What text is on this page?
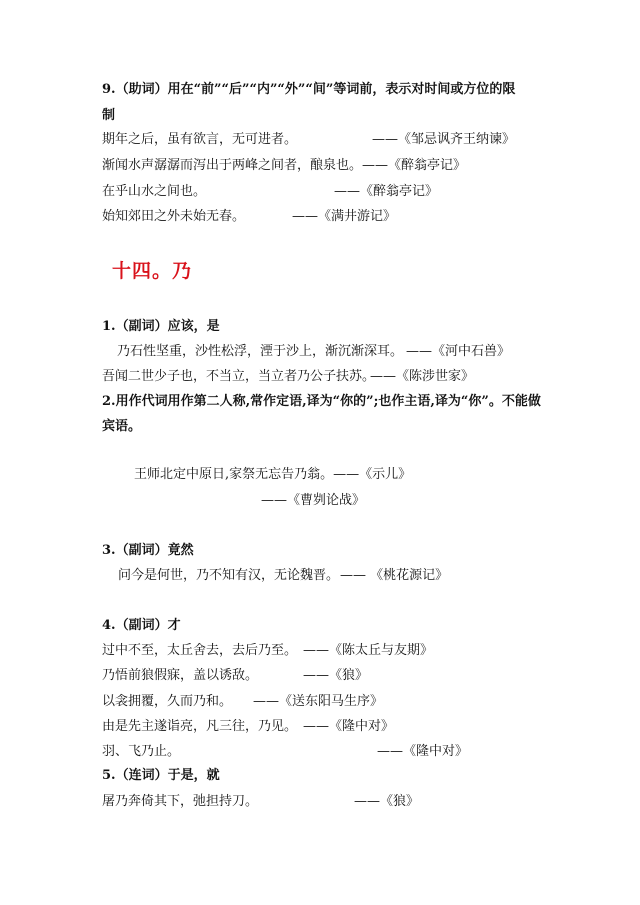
9.（助词）用在“前”“后”“内”“外”“间”等词前，表示对时间或方位的限
制
期年之后，虽有欲言，无可进者。	——《邹忌讽齐王纳谏》
渐闻水声潺潺而泻出于两峰之间者，酿泉也。 ——《醉翁亭记》
在乎山水之间也。	——《醉翁亭记》
始知郊田之外未始无春。	——《满井游记》
十四。乃
1.（副词）应该，是
乃石性坚重，沙性松浮，湮于沙上，渐沉渐深耳。 ——《河中石兽》
吾闻二世少子也，不当立，当立者乃公子扶苏。
——《陈涉世家》
2.用作代词用作第二人称,常作定语,译为“你的”;也作主语,译为“你”。不能做
宾语。
王师北定中原日,家祭无忘告乃翁。——《示儿》
——《曹刿论战》
3.（副词）竟然
问今是何世，乃不知有汉，无论魏晋。 —— 《桃花源记》
4.（副词）才
过中不至，太丘舍去，去后乃至。 ——《陈太丘与友期》
乃悟前狼假寐，盖以诱敌。	——《狼》
以衾拥覆，久而乃和。 ——《送东阳马生序》
由是先主遂诣亮，凡三往，乃见。 ——《隆中对》
羽、飞乃止。	——《隆中对》
5.（连词）于是，就
屠乃奔倚其下，弛担持刀。	——《狼》
